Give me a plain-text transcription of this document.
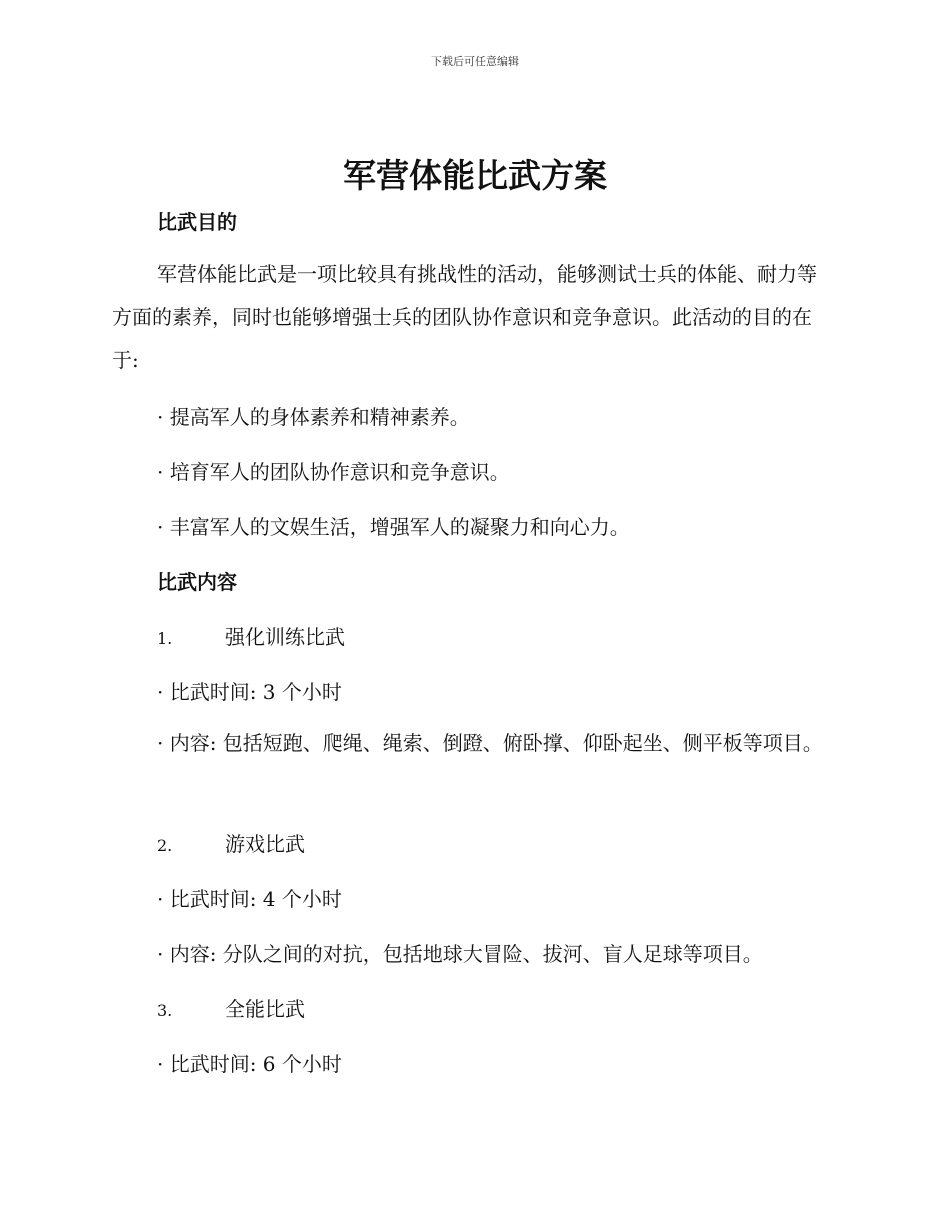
下载后可任意编辑
军营体能比武方案
比武目的
军营体能比武是一项比较具有挑战性的活动，能够测试士兵的体能、耐力等方面的素养，同时也能够增强士兵的团队协作意识和竞争意识。此活动的目的在于:
· 提高军人的身体素养和精神素养。
· 培育军人的团队协作意识和竞争意识。
· 丰富军人的文娱生活，增强军人的凝聚力和向心力。
比武内容
1.	强化训练比武
· 比武时间: 3 个小时
· 内容: 包括短跑、爬绳、绳索、倒蹬、俯卧撑、仰卧起坐、侧平板等项目。
2.	游戏比武
· 比武时间: 4 个小时
· 内容: 分队之间的对抗，包括地球大冒险、拔河、盲人足球等项目。
3.	全能比武
· 比武时间: 6 个小时
